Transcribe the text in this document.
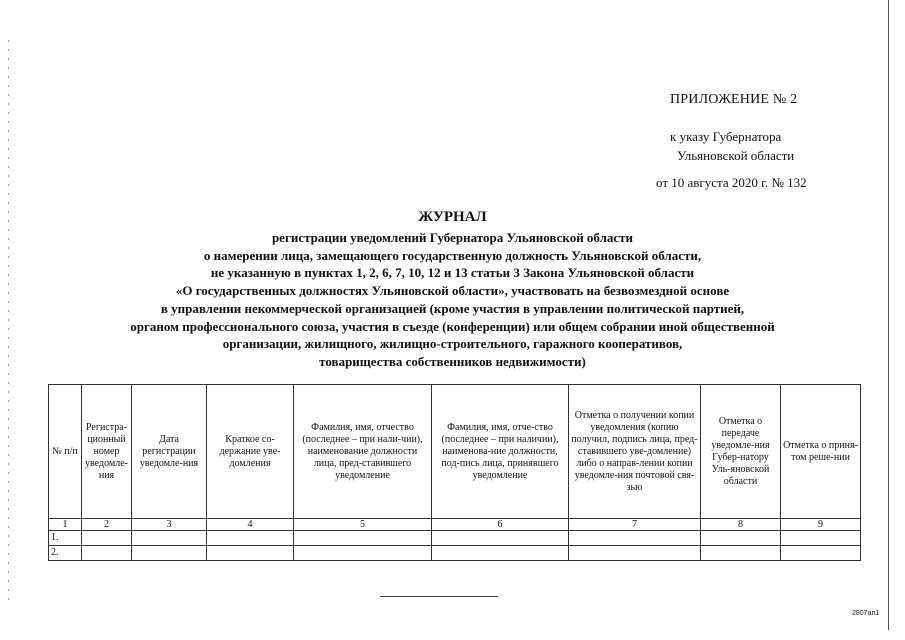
ПРИЛОЖЕНИЕ № 2
к указу Губернатора
Ульяновской области
от 10 августа 2020 г. № 132
ЖУРНАЛ
регистрации уведомлений Губернатора Ульяновской области
о намерении лица, замещающего государственную должность Ульяновской области,
не указанную в пунктах 1, 2, 6, 7, 10, 12 и 13 статьи 3 Закона Ульяновской области
«О государственных должностях Ульяновской области», участвовать на безвозмездной основе
в управлении некоммерческой организацией (кроме участия в управлении политической партией,
органом профессионального союза, участия в съезде (конференции) или общем собрании иной общественной
организации, жилищного, жилищно-строительного, гаражного кооперативов,
товарищества собственников недвижимости)
№ п/п	Регистра-ционный номер уведомле-ния	Дата регистрации уведомле-ния	Краткое со-держание уве-домления	Фамилия, имя, отчество (последнее – при нали-чии), наименование должности лица, пред-ставившего уведомление	Фамилия, имя, отче-ство (последнее – при наличии), наименова-ние должности, под-пись лица, принявшего уведомление	Отметка о получении копии уведомления (копию получил, подпись лица, пред-ставившего уве-домление) либо о направ-лении копии уведомле-ния почтовой свя-зью	Отметка о передаче уведомле-ния Губер-натору Уль-яновской области	Отметка о приня-том реше-нии
1	2	3	4	5	6	7	8	9
1.								
2.								
2807ап1
